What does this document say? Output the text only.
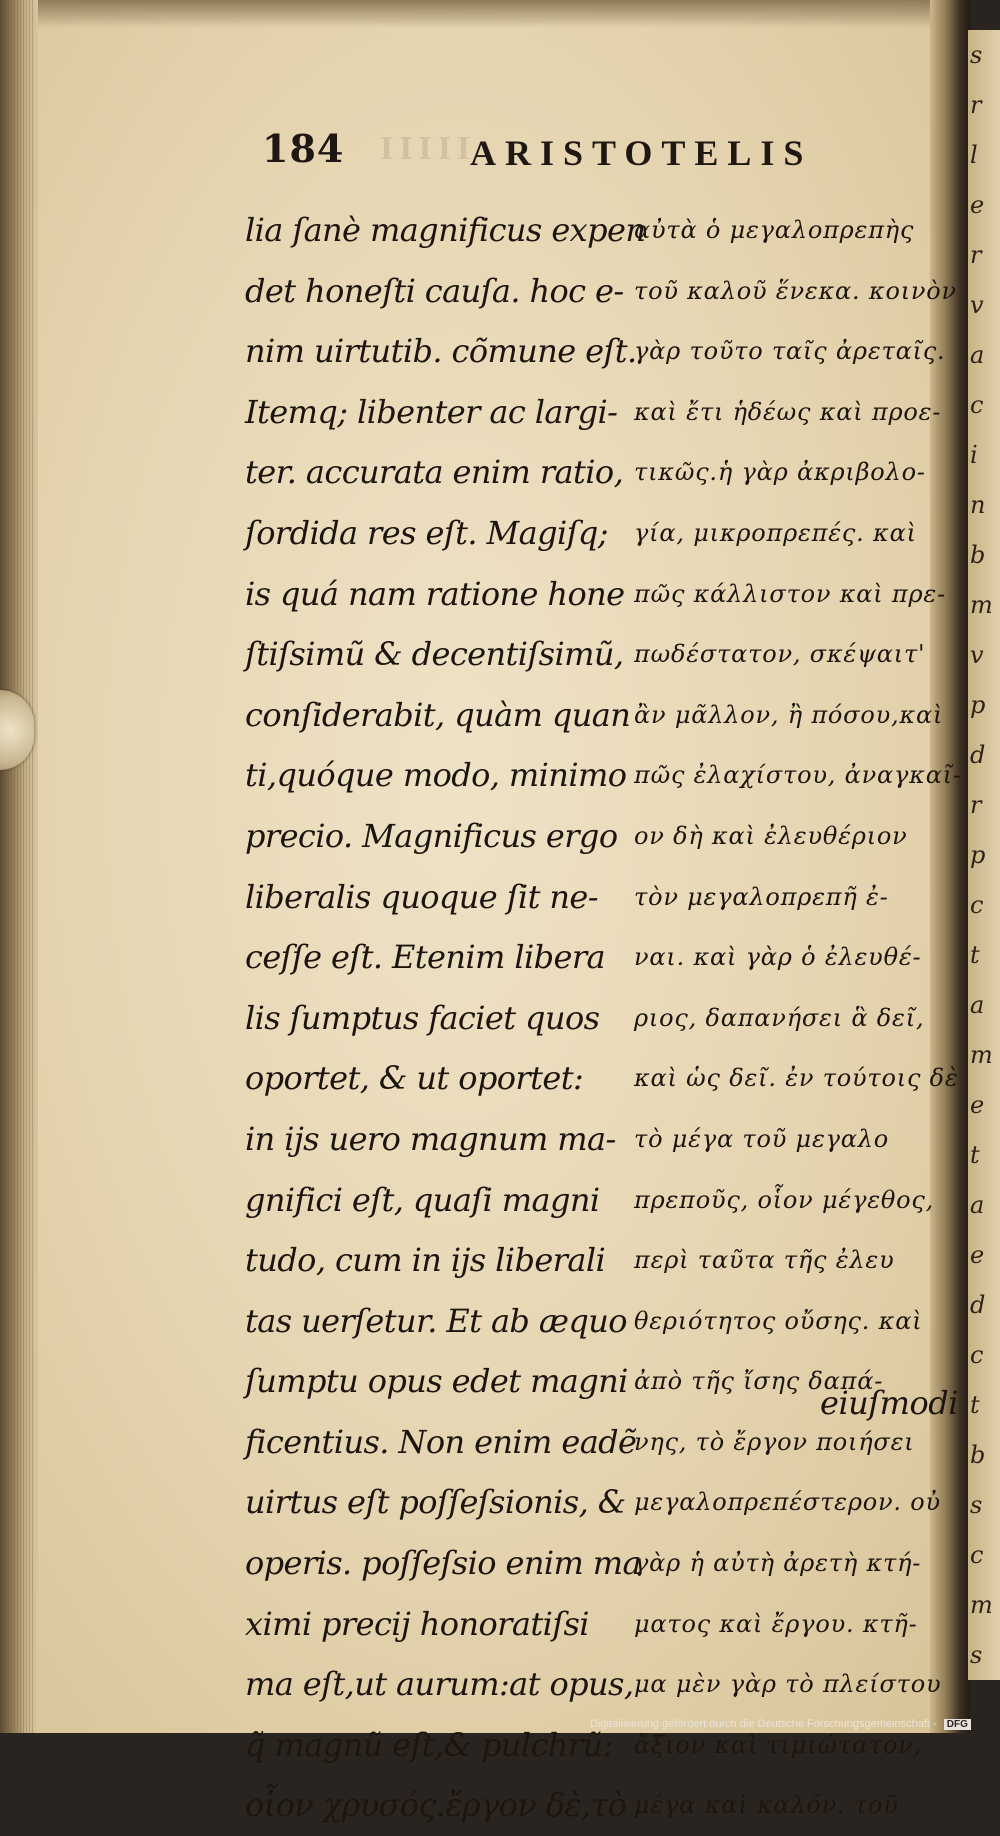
s
r
l
e
r
v
a
c
i
n
b
m
v
p
d
r
p
c
t
a
m
e
t
a
e
d
c
t
b
s
c
m
s
IIIII
184	ARISTOTELIS
lia ſanè magnificus expen
det honeſti cauſa. hoc e-
nim uirtutib. cõmune eſt.
Itemq; libenter ac largi-
ter. accurata enim ratio,
ſordida res eſt. Magiſq;
is quá nam ratione hone
ſtiſsimũ & decentiſsimũ,
conſiderabit, quàm quan
ti,quóque modo, minimo
precio. Magnificus ergo
liberalis quoque ſit ne-
ceſſe eſt. Etenim libera
lis ſumptus faciet quos
oportet, & ut oportet:
in ijs uero magnum ma-
gnifici eſt, quaſi magni
tudo, cum in ijs liberali
tas uerſetur. Et ab æquo
ſumptu opus edet magni
ficentius. Non enim eadẽ
uirtus eſt poſſeſsionis, &
operis. poſſeſsio enim ma
ximi precij honoratiſsi
ma eſt,ut aurum:at opus,
q̃ magnũ eſt,& pulchrũ:
οἷον χρυσός.ἔργον δὲ,τὸ
αὐτὰ ὁ μεγαλοπρεπὴς
τοῦ καλοῦ ἕνεκα. κοινὸν
γὰρ τοῦτο ταῖς ἀρεταῖς.
καὶ ἔτι ἡδέως καὶ προε-
τικῶς.ἡ γὰρ ἀκριβολο-
γία, μικροπρεπές. καὶ
πῶς κάλλιστον καὶ πρε-
πωδέστατον, σκέψαιτ'
ἂν μᾶλλον, ἢ πόσου,καὶ
πῶς ἐλαχίστου, ἀναγκαῖ-
ον δὴ καὶ ἐλευθέριον
τὸν μεγαλοπρεπῆ ἐ-
ναι. καὶ γὰρ ὁ ἐλευθέ-
ριος, δαπανήσει ἃ δεῖ,
καὶ ὡς δεῖ. ἐν τούτοις δὲ
τὸ μέγα τοῦ μεγαλο
πρεποῦς, οἷον μέγεθος,
περὶ ταῦτα τῆς ἐλευ
θεριότητος οὔσης. καὶ
ἀπὸ τῆς ἴσης δαπά-
νης, τὸ ἔργον ποιήσει
μεγαλοπρεπέστερον. οὐ
γὰρ ἡ αὐτὴ ἀρετὴ κτή-
ματος καὶ ἔργου. κτῆ-
μα μὲν γὰρ τὸ πλείστου
ἄξιον καὶ τιμιώτατον,
μέγα καὶ καλόν. τοῦ
eiuſmodi
Digitalisierung gefördert durch die Deutsche Forschungsgemeinschaft - DFG
